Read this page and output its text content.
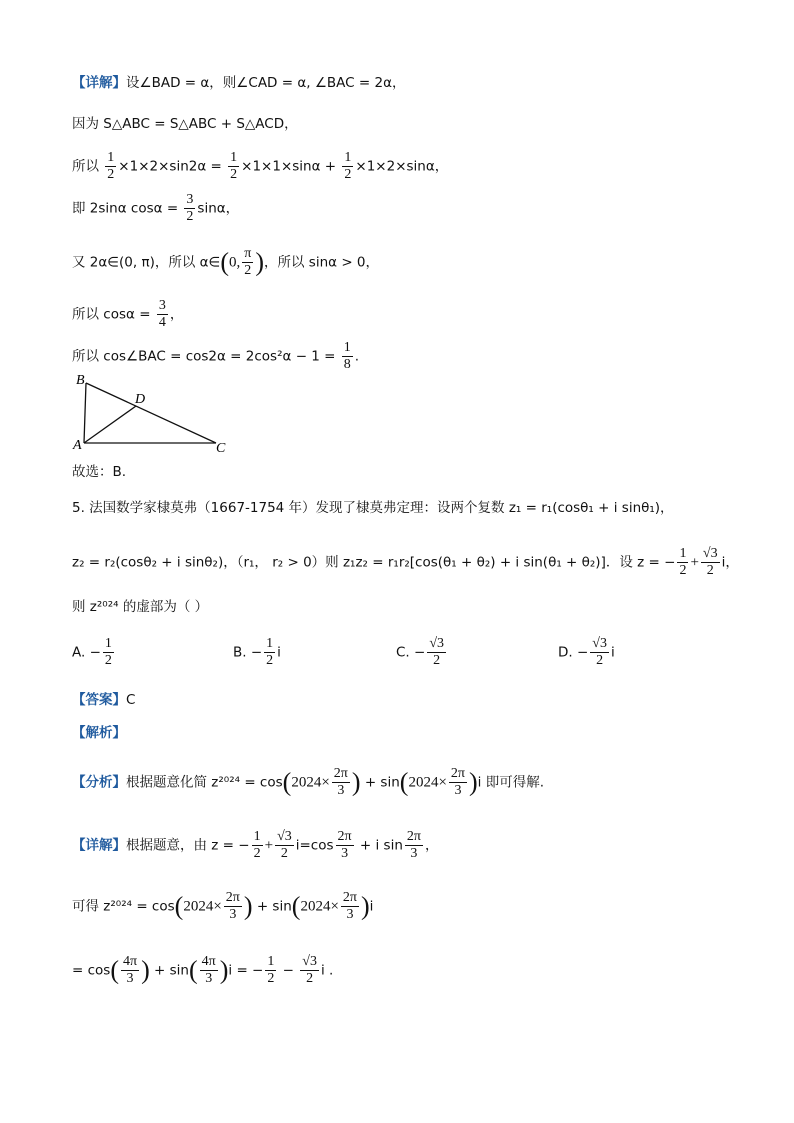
【详解】设∠BAD = α，则∠CAD = α, ∠BAC = 2α，
因为 S△ABC = S△ABC + S△ACD，
所以 $\frac{1}{2} \times 1\times 2\times\sin 2\alpha = \frac{1}{2} \times 1\times 1\times\sin\alpha + \frac{1}{2} \times 1\times 2\times\sin\alpha$，
即 2sinα $\cos\alpha = \frac{3}{2}$ sinα，
又 2α∈(0, π)，所以 α∈(0, $\frac{\pi}{2}$ )，所以 sinα > 0，
所以 $\cos\alpha = \frac{3}{4}$ ，
所以 cos∠BAC = $\cos 2\alpha = 2\cos^2\alpha - 1 = \frac{1}{8}$ .
B
D
A	C
故选：B.
5. 法国数学家棣莫弗（1667-1754 年）发现了棣莫弗定理：设两个复数 z₁ = r₁(cosθ₁ + i sinθ₁)，
z₂ = r₂(cosθ₂ + i sinθ₂)，（r₁， r₂ > 0）则 z₁z₂ = r₁r₂[cos(θ₁ + θ₂) + i sin(θ₁ + θ₂)]．设 z = − $\frac{1}{2} + \frac{√3}{2}$ i，
则 z²⁰²⁴ 的虚部为（ ）
A. − $\frac{1}{2}$	B. − $\frac{1}{2}$ i	C. − $\frac{√3}{2}$	D. − $\frac{√3}{2}$ i
【答案】C
【解析】
【分析】根据题意化简 $z^{2024} = \cos(2024\times \frac{2\pi}{3}$ ) + $\sin(2024\times \frac{2\pi}{3} )i$ 即可得解.
【详解】根据题意，由 z = − $\frac{1}{2} + \frac{√3}{2} i=\cos \frac{2\pi}{3} + i$ $\sin \frac{2\pi}{3}$ ，
可得 $z^{2024} = \cos(2024\times \frac{2\pi}{3}$ ) + $\sin(2024\times \frac{2\pi}{3} )i$
= $\cos( \frac{4\pi}{3}$ ) + $\sin( \frac{4\pi}{3} )i$ = − $\frac{1}{2} - \frac{√3}{2}$ i .
